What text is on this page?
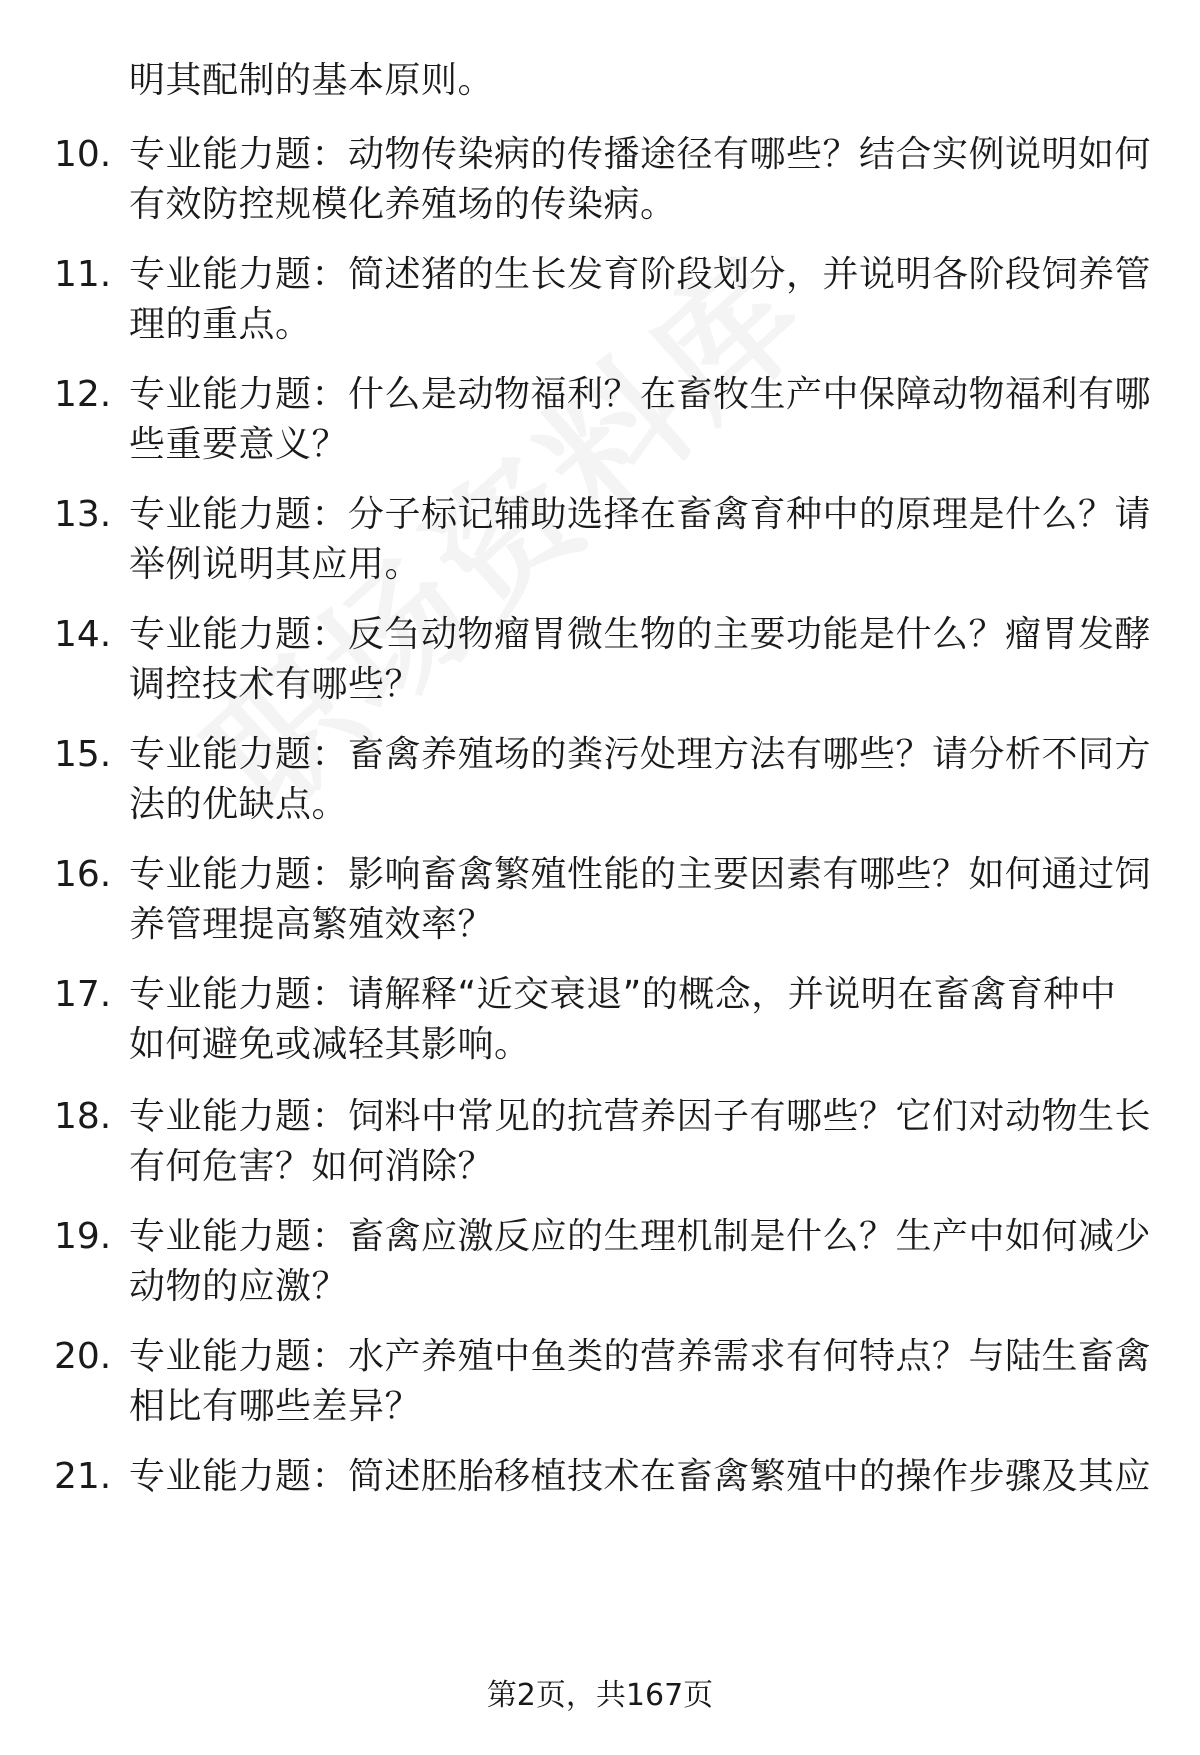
明其配制的基本原则。
10. 专业能力题：动物传染病的传播途径有哪些？结合实例说明如何
有效防控规模化养殖场的传染病。
11. 专业能力题：简述猪的生长发育阶段划分，并说明各阶段饲养管
理的重点。
12. 专业能力题：什么是动物福利？在畜牧生产中保障动物福利有哪
些重要意义？
13. 专业能力题：分子标记辅助选择在畜禽育种中的原理是什么？请
举例说明其应用。
14. 专业能力题：反刍动物瘤胃微生物的主要功能是什么？瘤胃发酵
调控技术有哪些？
15. 专业能力题：畜禽养殖场的粪污处理方法有哪些？请分析不同方
法的优缺点。
16. 专业能力题：影响畜禽繁殖性能的主要因素有哪些？如何通过饲
养管理提高繁殖效率？
17. 专业能力题：请解释“近交衰退”的概念，并说明在畜禽育种中
如何避免或减轻其影响。
18. 专业能力题：饲料中常见的抗营养因子有哪些？它们对动物生长
有何危害？如何消除？
19. 专业能力题：畜禽应激反应的生理机制是什么？生产中如何减少
动物的应激？
20. 专业能力题：水产养殖中鱼类的营养需求有何特点？与陆生畜禽
相比有哪些差异？
21. 专业能力题：简述胚胎移植技术在畜禽繁殖中的操作步骤及其应
第2页，共167页
